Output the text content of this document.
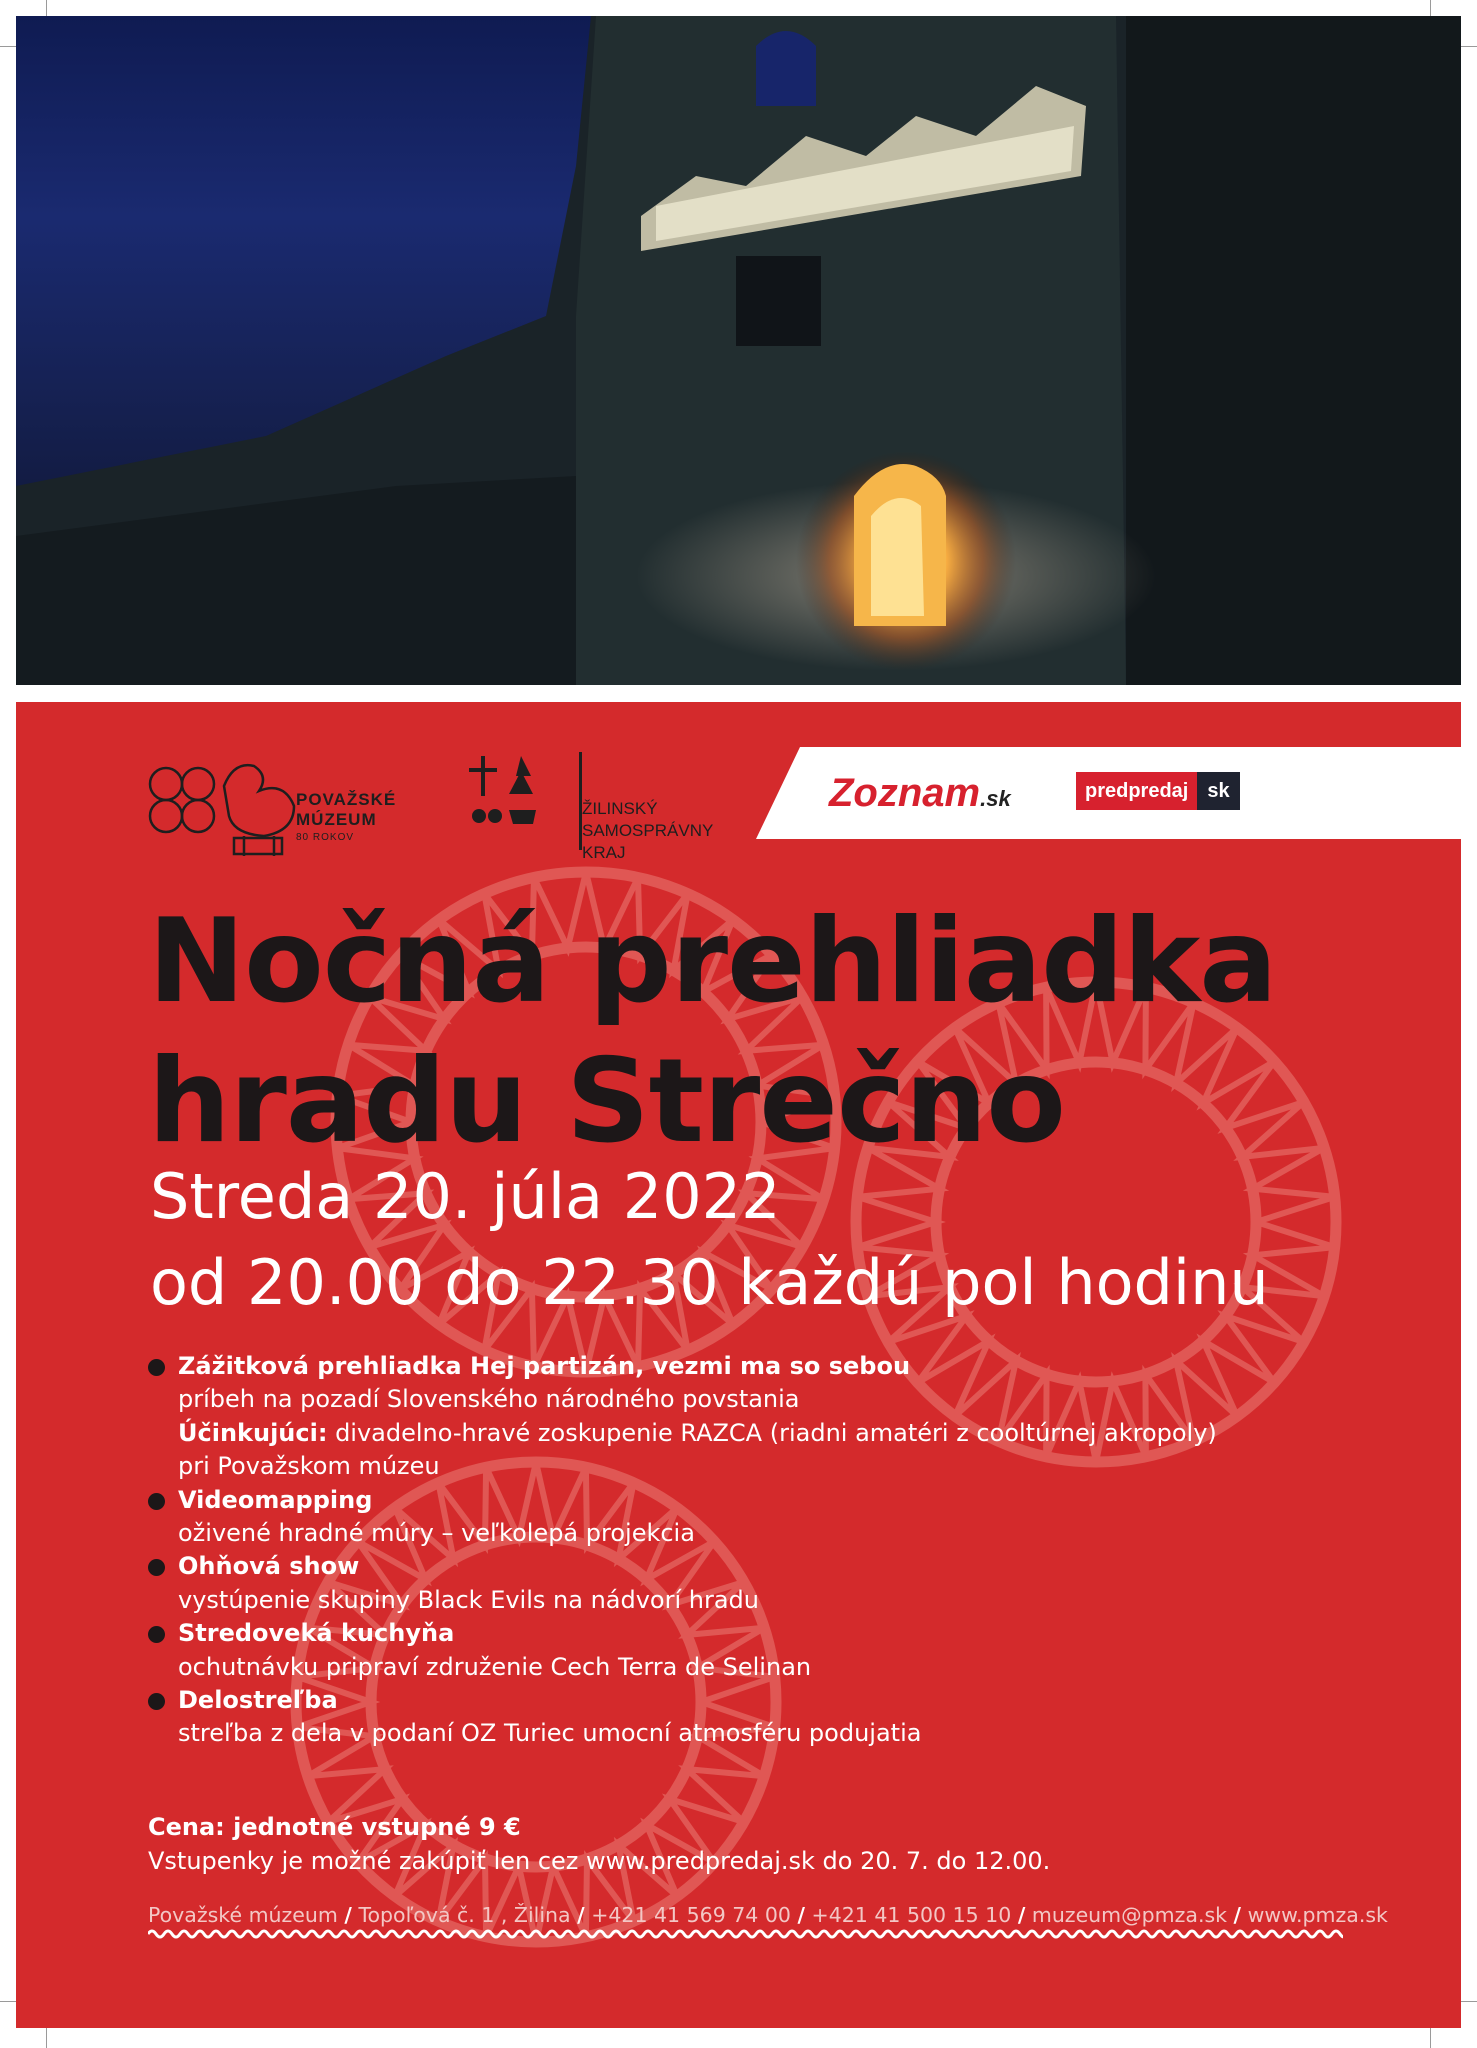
POVAŽSKÉ MÚZEUM
80 ROKOV
ŽILINSKÝ SAMOSPRÁVNY KRAJ
Zoznam.sk	predpredaj sk
Nočná prehliadka
hradu Strečno
Streda 20. júla 2022
od 20.00 do 22.30 každú pol hodinu
Zážitková prehliadka Hej partizán, vezmi ma so sebou
príbeh na pozadí Slovenského národného povstania
Účinkujúci: divadelno-hravé zoskupenie RAZCA (riadni amatéri z cooltúrnej akropoly)
pri Považskom múzeu
Videomapping
oživené hradné múry – veľkolepá projekcia
Ohňová show
vystúpenie skupiny Black Evils na nádvorí hradu
Stredoveká kuchyňa
ochutnávku pripraví združenie Cech Terra de Selinan
Delostreľba
streľba z dela v podaní OZ Turiec umocní atmosféru podujatia
Cena: jednotné vstupné 9 €
Vstupenky je možné zakúpiť len cez www.predpredaj.sk do 20. 7. do 12.00.
Považské múzeum / Topoľová č. 1 , Žilina / +421 41 569 74 00 / +421 41 500 15 10 / muzeum@pmza.sk / www.pmza.sk
